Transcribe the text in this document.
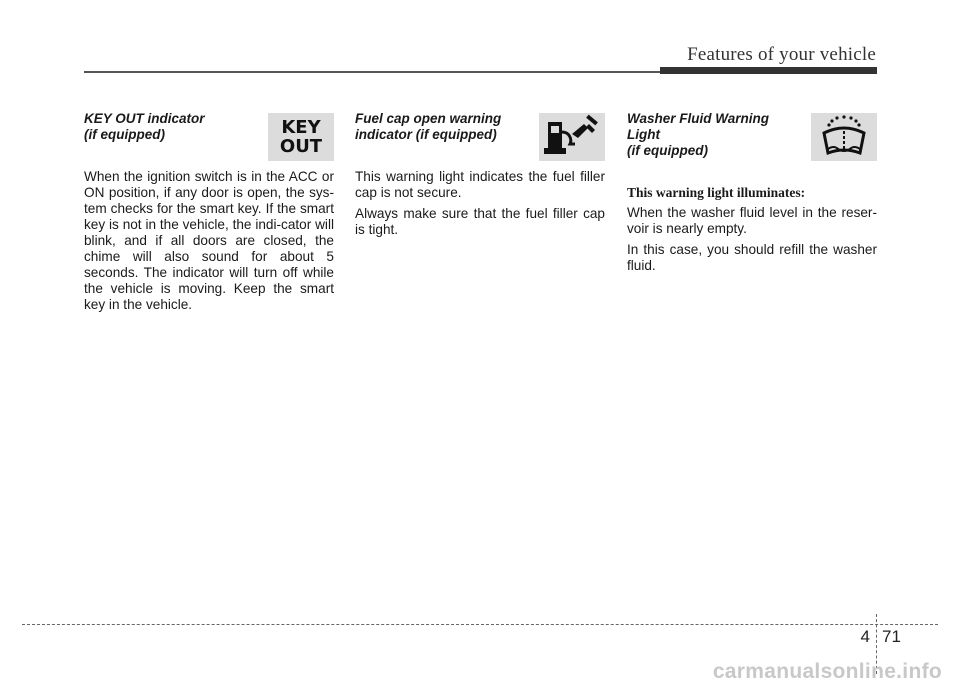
Features of your vehicle

KEY OUT indicator
(if equipped)	KEY
OUT

When the ignition switch is in the ACC or ON position, if any door is open, the sys-tem checks for the smart key. If the smart key is not in the vehicle, the indi-cator will blink, and if all doors are closed, the chime will also sound for about 5 seconds. The indicator will turn off while the vehicle is moving. Keep the smart key in the vehicle.

Fuel cap open warning
indicator (if equipped)

This warning light indicates the fuel filler cap is not secure.

Always make sure that the fuel filler cap is tight.

Washer Fluid Warning Light
(if equipped)

This warning light illuminates:

When the washer fluid level in the reser-voir is nearly empty.

In this case, you should refill the washer fluid.

4 71
carmanualsonline.info
